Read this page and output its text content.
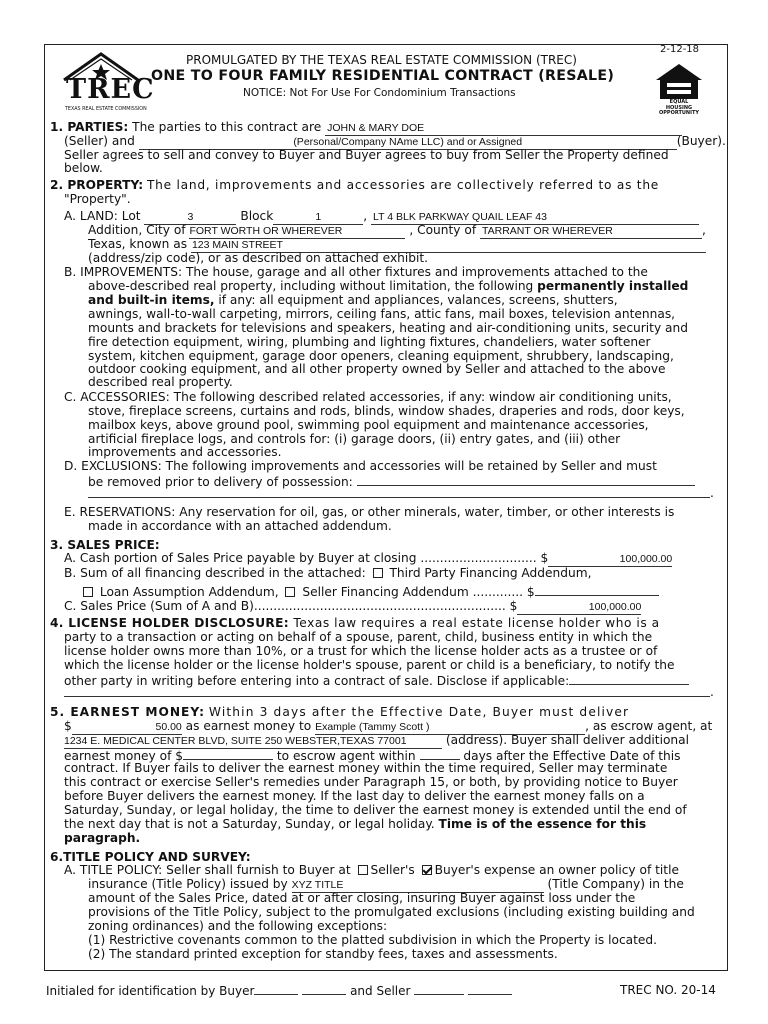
TREC
TEXAS REAL ESTATE COMMISSION
2-12-18
PROMULGATED BY THE TEXAS REAL ESTATE COMMISSION (TREC)
ONE TO FOUR FAMILY RESIDENTIAL CONTRACT (RESALE)
NOTICE: Not For Use For Condominium Transactions
EQUAL HOUSING OPPORTUNITY
1. PARTIES: The parties to this contract are JOHN & MARY DOE
(Seller) and	(Personal/Company NAme LLC) and or Assigned	(Buyer).
Seller agrees to sell and convey to Buyer and Buyer agrees to buy from Seller the Property defined
below.
2. PROPERTY: The land, improvements and accessories are collectively referred to as the
"Property".
A. LAND: Lot	3	Block	1	, LT 4 BLK PARKWAY QUAIL LEAF 43
Addition, City of FORT WORTH OR WHEREVER	, County of TARRANT OR WHEREVER	,
Texas, known as 123 MAIN STREET
(address/zip code), or as described on attached exhibit.
B. IMPROVEMENTS: The house, garage and all other fixtures and improvements attached to the
above-described real property, including without limitation, the following permanently installed
and built-in items, if any: all equipment and appliances, valances, screens, shutters,
awnings, wall-to-wall carpeting, mirrors, ceiling fans, attic fans, mail boxes, television antennas,
mounts and brackets for televisions and speakers, heating and air-conditioning units, security and
fire detection equipment, wiring, plumbing and lighting fixtures, chandeliers, water softener
system, kitchen equipment, garage door openers, cleaning equipment, shrubbery, landscaping,
outdoor cooking equipment, and all other property owned by Seller and attached to the above
described real property.
C. ACCESSORIES: The following described related accessories, if any: window air conditioning units,
stove, fireplace screens, curtains and rods, blinds, window shades, draperies and rods, door keys,
mailbox keys, above ground pool, swimming pool equipment and maintenance accessories,
artificial fireplace logs, and controls for: (i) garage doors, (ii) entry gates, and (iii) other
improvements and accessories.
D. EXCLUSIONS: The following improvements and accessories will be retained by Seller and must
be removed prior to delivery of possession:
.
E. RESERVATIONS: Any reservation for oil, gas, or other minerals, water, timber, or other interests is
made in accordance with an attached addendum.
3. SALES PRICE:
A. Cash portion of Sales Price payable by Buyer at closing .............................. $	100,000.00
B. Sum of all financing described in the attached: Third Party Financing Addendum,
Loan Assumption Addendum, Seller Financing Addendum ............. $
C. Sales Price (Sum of A and B)................................................................. $	100,000.00
4. LICENSE HOLDER DISCLOSURE: Texas law requires a real estate license holder who is a
party to a transaction or acting on behalf of a spouse, parent, child, business entity in which the
license holder owns more than 10%, or a trust for which the license holder acts as a trustee or of
which the license holder or the license holder's spouse, parent or child is a beneficiary, to notify the
other party in writing before entering into a contract of sale. Disclose if applicable:
.
5. EARNEST MONEY: Within 3 days after the Effective Date, Buyer must deliver
$	50.00 as earnest money to Example (Tammy Scott )	, as escrow agent, at
1234 E. MEDICAL CENTER BLVD, SUITE 250 WEBSTER,TEXAS 77001	(address). Buyer shall deliver additional
earnest money of $	to escrow agent within	days after the Effective Date of this
contract. If Buyer fails to deliver the earnest money within the time required, Seller may terminate
this contract or exercise Seller's remedies under Paragraph 15, or both, by providing notice to Buyer
before Buyer delivers the earnest money. If the last day to deliver the earnest money falls on a
Saturday, Sunday, or legal holiday, the time to deliver the earnest money is extended until the end of
the next day that is not a Saturday, Sunday, or legal holiday. Time is of the essence for this
paragraph.
6.TITLE POLICY AND SURVEY:
A. TITLE POLICY: Seller shall furnish to Buyer at Seller's Buyer's expense an owner policy of title
insurance (Title Policy) issued by XYZ TITLE	(Title Company) in the
amount of the Sales Price, dated at or after closing, insuring Buyer against loss under the
provisions of the Title Policy, subject to the promulgated exclusions (including existing building and
zoning ordinances) and the following exceptions:
(1) Restrictive covenants common to the platted subdivision in which the Property is located.
(2) The standard printed exception for standby fees, taxes and assessments.
Initialed for identification by Buyer	and Seller	TREC NO. 20-14
